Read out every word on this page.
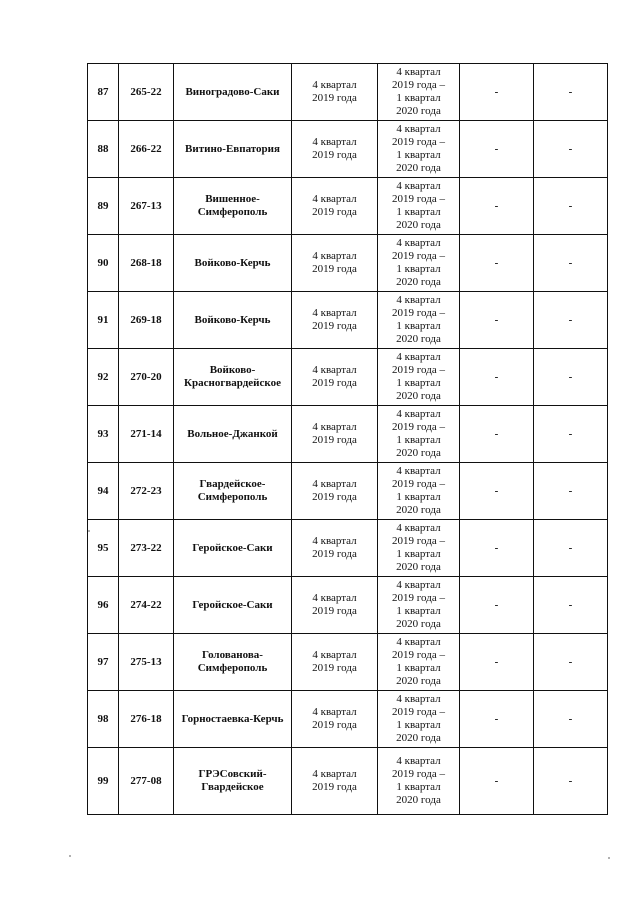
87	265-22	Виноградово-Саки	4 квартал
2019 года	4 квартал
2019 года –
1 квартал
2020 года	-	-
88	266-22	Витино-Евпатория	4 квартал
2019 года	4 квартал
2019 года –
1 квартал
2020 года	-	-
89	267-13	Вишенное-
Симферополь	4 квартал
2019 года	4 квартал
2019 года –
1 квартал
2020 года	-	-
90	268-18	Войково-Керчь	4 квартал
2019 года	4 квартал
2019 года –
1 квартал
2020 года	-	-
91	269-18	Войково-Керчь	4 квартал
2019 года	4 квартал
2019 года –
1 квартал
2020 года	-	-
92	270-20	Войково-
Красногвардейское	4 квартал
2019 года	4 квартал
2019 года –
1 квартал
2020 года	-	-
93	271-14	Вольное-Джанкой	4 квартал
2019 года	4 квартал
2019 года –
1 квартал
2020 года	-	-
94	272-23	Гвардейское-
Симферополь	4 квартал
2019 года	4 квартал
2019 года –
1 квартал
2020 года	-	-
95	273-22	Геройское-Саки	4 квартал
2019 года	4 квартал
2019 года –
1 квартал
2020 года	-	-
96	274-22	Геройское-Саки	4 квартал
2019 года	4 квартал
2019 года –
1 квартал
2020 года	-	-
97	275-13	Голованова-
Симферополь	4 квартал
2019 года	4 квартал
2019 года –
1 квартал
2020 года	-	-
98	276-18	Горностаевка-Керчь	4 квартал
2019 года	4 квартал
2019 года –
1 квартал
2020 года	-	-
99	277-08	ГРЭСовский-
Гвардейское	4 квартал
2019 года	4 квартал
2019 года –
1 квартал
2020 года	-	-
